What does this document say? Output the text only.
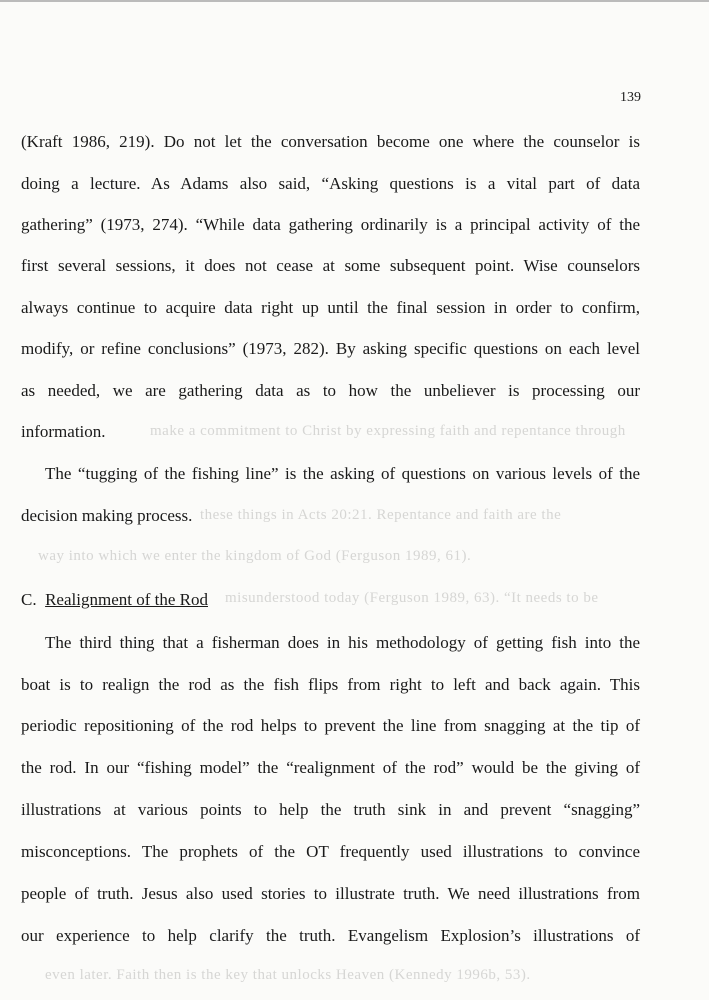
make a commitment to Christ by expressing faith and repentance through
these things in Acts 20:21. Repentance and faith are the
way into which we enter the kingdom of God (Ferguson 1989, 61).
misunderstood today (Ferguson 1989, 63). “It needs to be
even later. Faith then is the key that unlocks Heaven (Kennedy 1996b, 53).
139
(Kraft 1986, 219). Do not let the conversation become one where the counselor is
doing a lecture. As Adams also said, “Asking questions is a vital part of data
gathering” (1973, 274). “While data gathering ordinarily is a principal activity of the
first several sessions, it does not cease at some subsequent point. Wise counselors
always continue to acquire data right up until the final session in order to confirm,
modify, or refine conclusions” (1973, 282). By asking specific questions on each level
as needed, we are gathering data as to how the unbeliever is processing our
information.
The “tugging of the fishing line” is the asking of questions on various levels of the
decision making process.
C. Realignment of the Rod
The third thing that a fisherman does in his methodology of getting fish into the
boat is to realign the rod as the fish flips from right to left and back again. This
periodic repositioning of the rod helps to prevent the line from snagging at the tip of
the rod. In our “fishing model” the “realignment of the rod” would be the giving of
illustrations at various points to help the truth sink in and prevent “snagging”
misconceptions. The prophets of the OT frequently used illustrations to convince
people of truth. Jesus also used stories to illustrate truth. We need illustrations from
our experience to help clarify the truth. Evangelism Explosion’s illustrations of
